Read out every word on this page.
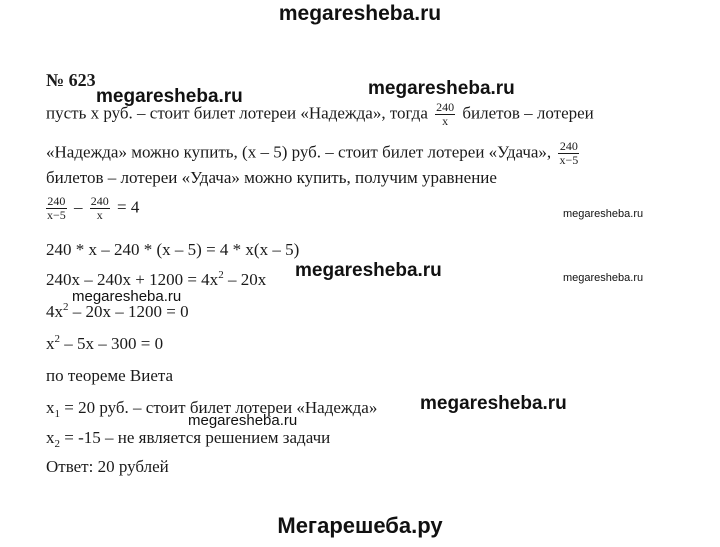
megaresheba.ru
№ 623
пусть x руб. – стоит билет лотереи «Надежда», тогда $\frac{240}{x}$ билетов – лотереи
«Надежда» можно купить, (x – 5) руб. – стоит билет лотереи «Удача», $\frac{240}{x-5}$
билетов – лотереи «Удача» можно купить, получим уравнение
$\frac{240}{x-5} - \frac{240}{x} = 4$
240 * x – 240 * (x – 5) = 4 * x(x – 5)
$240x - 240x + 1200 = 4x^2 - 20x$
$4x^2 - 20x - 1200 = 0$
$x^2 - 5x - 300 = 0$
по теореме Виета
$x_1 = 20$ руб. – стоит билет лотереи «Надежда»
$x_2 = -15$ – не является решением задачи
Ответ: 20 рублей
megaresheba.ru
megaresheba.ru
megaresheba.ru
megaresheba.ru	megaresheba.ru
megaresheba.ru
megaresheba.ru
megaresheba.ru
Мегарешеба.ру
